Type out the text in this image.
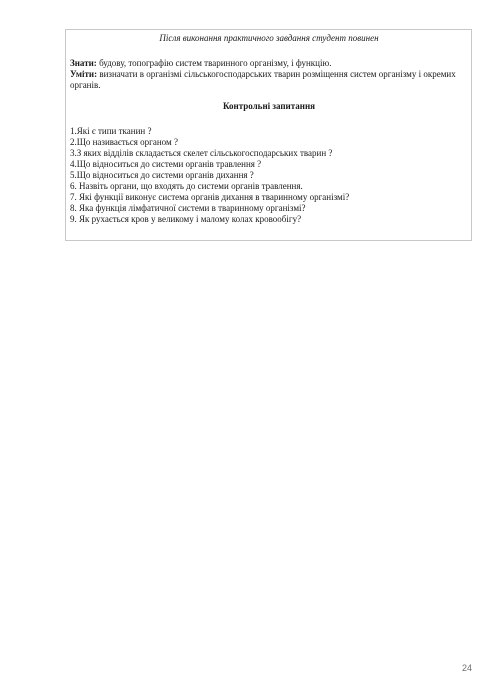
Після виконання практичного завдання студент повинен

Знати: будову, топографію систем тваринного організму, і функцію.

Уміти: визначати в організмі сільськогосподарських тварин розміщення систем організму і окремих органів.

Контрольні запитання

1.Які є типи тканин ?
2.Що називається органом ?
3.З яких відділів складається скелет сільськогосподарських тварин ?
4.Що відноситься до системи органів травлення ?
5.Що відноситься до системи органів дихання ?
6. Назвіть органи, що входять до системи органів травлення.
7. Які функції виконує система органів дихання в тваринному організмі?
8. Яка функція лімфатичної системи в тваринному організмі?
9. Як рухається кров у великому і малому колах кровообігу?
24
